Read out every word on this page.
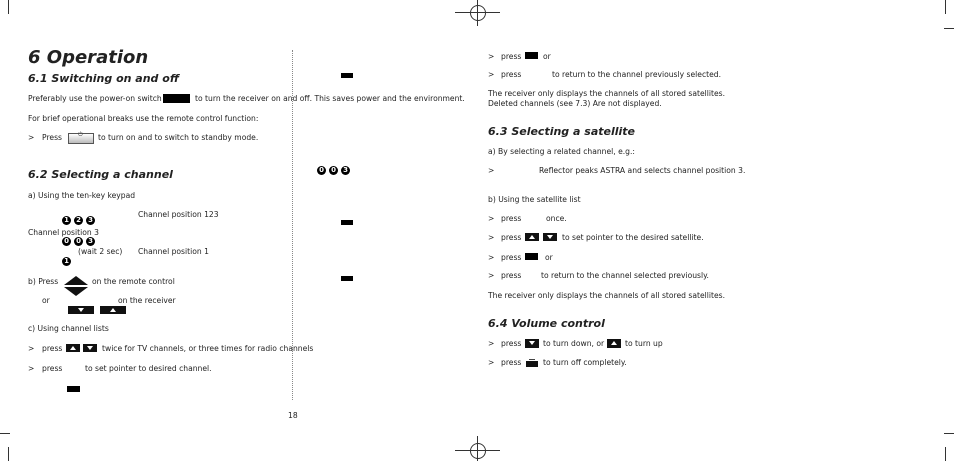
6 Operation
6.1 Switching on and off
Preferably use the power-on switch	to turn the receiver on and off. This saves power and the environment.
For brief operational breaks use the remote control function:
> Press	⏻ to turn on and to switch to standby mode.
6.2 Selecting a channel
a) Using the ten-key keypad
1 2 3
Channel position 123
Channel position 3
0 0 3
(wait 2 sec) Channel position 1
1
b) Press	on the remote control
or	on the receiver
c) Using channel lists
> press	twice for TV channels, or three times for radio channels
> press	to set pointer to desired channel.
0 0 3
18
> press	or
> press	to return to the channel previously selected.
The receiver only displays the channels of all stored satellites.
Deleted channels (see 7.3) Are not displayed.
6.3 Selecting a satellite
a) By selecting a related channel, e.g.:
>	Reflector peaks ASTRA and selects channel position 3.
b) Using the satellite list
> press	once.
> press	to set pointer to the desired satellite.
> press	or
> press	to return to the channel selected previously.
The receiver only displays the channels of all stored satellites.
6.4 Volume control
> press	to turn down, or	to turn up
> press	to turn off completely.
